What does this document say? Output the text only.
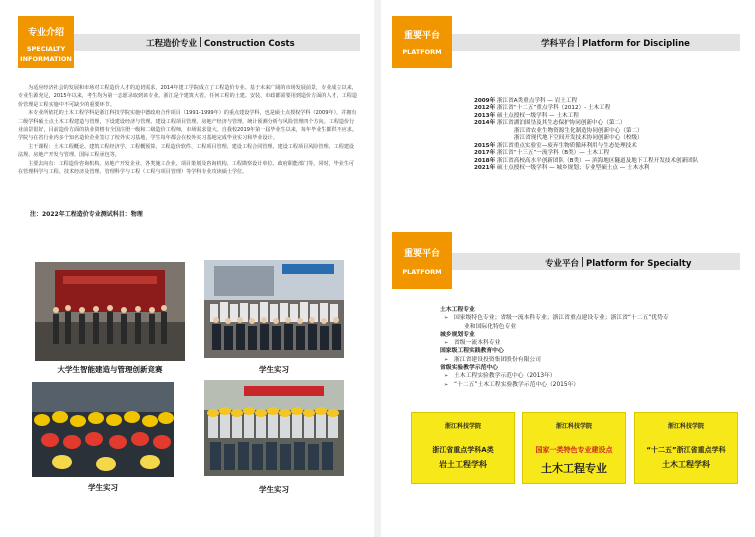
专业介绍
SPECIALTY
INFORMATION
工程造价专业 Construction Costs

为适应经济社会的发展和市场对工程造价人才的迫切需求，2014年建工学院成立了工程造价专业。基于未来广阔的市场发展前景，专业成立以来，专业生源充足，2015年以来，考生均为第一志愿录取到该专业。浙江是个建筑大省，任何工程的土建、安装，市政都需要用到造价方面的人才，工程造价管理是工程实施中不可缺少的重要环节。

本专业所依托的土木工程学科是浙江科技学院实施中德政府合作项目（1991-1999年）的重点建设学科，也是硕士点授权学科（2009年），并拥有二级学科硕士点土木工程建造与管理，下设建设经济与管理、建设工程项目管理、房地产经济与管理，统计预测分析与风险管理四个方向。工程造价行业前景很好，目前造价方面的执业资格有全国注册一级和二级造价工程师，市场需求量大。自我校2019年第一届毕业生以来，每年毕业生都供不应求。学院与在省行业内多个知名造价企业签订了校外实习基地，学生每年都会在校外实习基地完成毕业实习和毕业设计。

主干课程：土木工程概论、建筑工程经济学、工程概预算、工程造价软件、工程项目管理、建设工程合同管理、建设工程项目风险管理、工程建设法规、房地产开发与管理、国际工程承包等。

主要去向有：工程造价咨询机构、房地产开发企业、各类施工企业、项目策划及咨询机构、工程勘察设计单位、政府职能部门等。同时，毕业生可在管理科学与工程、技术经济及管理、管理科学与工程（工程与项目管理）等学科专业攻读硕士学位。

注：2022年工程造价专业测试科目：物理
大学生智能建造与管理创新竞赛	学生实习
学生实习	学生实习
重要平台
PLATFORM
学科平台 Platform for Discipline
2009年 浙江省A类重点学科 — 岩土工程
2012年 浙江省“十二五”重点学科（2012）- 土木工程
2013年 硕士点授权一级学科 — 土木工程
2014年 浙江省湖泊围垦及其生态保护协同创新中心（第二）
浙江省农业生物资源生化制造协同创新中心（第二）
浙江省现代地下空间开发技术协同创新中心（校级）
2015年 浙江省重点实验室—废弃生物质循环利用与生态处理技术
2017年 浙江省“十三五”一流学科（B类）— 土木工程
2018年 浙江省高校高水平创新团队（B类）— 滨海地区隧道及地下工程开发技术创新团队
2021年 硕士点授权一级学科 — 城乡规划；专业型硕士点 — 土木水利
重要平台
PLATFORM
专业平台 Platform for Specialty
土木工程专业
➢ 国家级特色专业；省级一流本科专业；浙江省重点建设专业；浙江省“十二五”优势专
业和国际化特色专业
城乡规划专业
➢ 省级一流本科专业
国家级工程实践教育中心
➢ 浙江省建设投资集团股份有限公司
省级实验教学示范中心
➢ 土木工程实验教学示范中心（2013年）
➢ “十二五”土木工程实验教学示范中心（2015年）
浙江科技学院
浙江省重点学科A类
岩土工程学科
浙江科技学院
国家一类特色专业建设点
土木工程专业
浙江科技学院
“十二五”浙江省重点学科
土木工程学科
